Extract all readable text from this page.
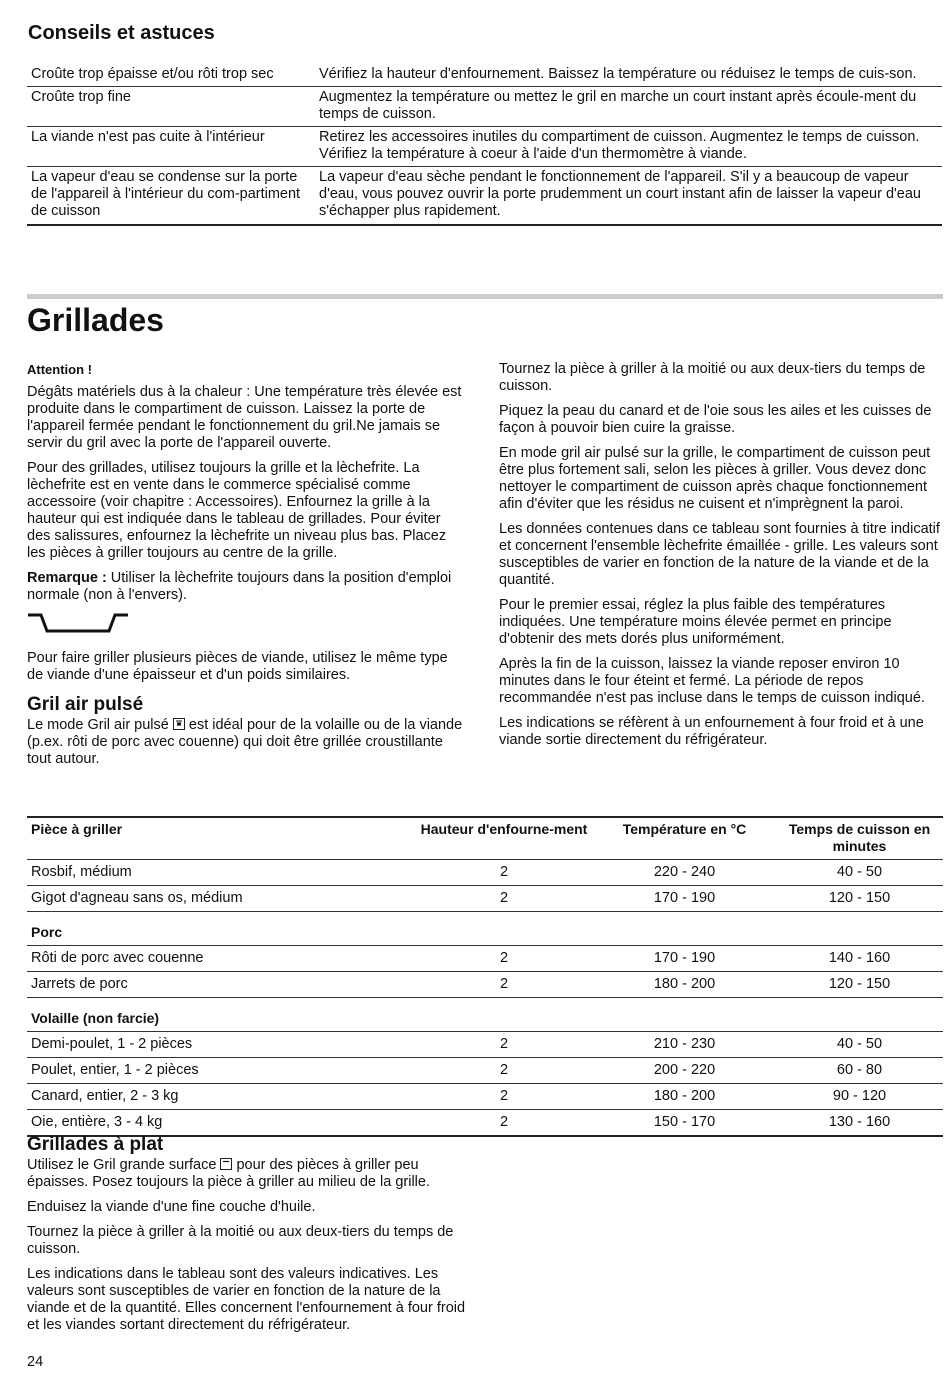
Conseils et astuces
Croûte trop épaisse et/ou rôti trop sec	Vérifiez la hauteur d'enfournement. Baissez la température ou réduisez le temps de cuis-son.
Croûte trop fine	Augmentez la température ou mettez le gril en marche un court instant après écoule-ment du temps de cuisson.
La viande n'est pas cuite à l'intérieur	Retirez les accessoires inutiles du compartiment de cuisson. Augmentez le temps de cuisson. Vérifiez la température à coeur à l'aide d'un thermomètre à viande.
La vapeur d'eau se condense sur la porte de l'appareil à l'intérieur du com-partiment de cuisson	La vapeur d'eau sèche pendant le fonctionnement de l'appareil. S'il y a beaucoup de vapeur d'eau, vous pouvez ouvrir la porte prudemment un court instant afin de laisser la vapeur d'eau s'échapper plus rapidement.
Grillades
Attention !

Dégâts matériels dus à la chaleur : Une température très élevée est produite dans le compartiment de cuisson. Laissez la porte de l'appareil fermée pendant le fonctionnement du gril.Ne jamais se servir du gril avec la porte de l'appareil ouverte.

Pour des grillades, utilisez toujours la grille et la lèchefrite. La lèchefrite est en vente dans le commerce spécialisé comme accessoire (voir chapitre : Accessoires). Enfournez la grille à la hauteur qui est indiquée dans le tableau de grillades. Pour éviter des salissures, enfournez la lèchefrite un niveau plus bas. Placez les pièces à griller toujours au centre de la grille.

Remarque : Utiliser la lèchefrite toujours dans la position d'emploi normale (non à l'envers).

Pour faire griller plusieurs pièces de viande, utilisez le même type de viande d'une épaisseur et d'un poids similaires.

Gril air pulsé

Le mode Gril air pulsé
est idéal pour de la volaille ou de la viande (p.ex. rôti de porc avec couenne) qui doit être grillée croustillante tout autour.

Tournez la pièce à griller à la moitié ou aux deux-tiers du temps de cuisson.

Piquez la peau du canard et de l'oie sous les ailes et les cuisses de façon à pouvoir bien cuire la graisse.

En mode gril air pulsé sur la grille, le compartiment de cuisson peut être plus fortement sali, selon les pièces à griller. Vous devez donc nettoyer le compartiment de cuisson après chaque fonctionnement afin d'éviter que les résidus ne cuisent et n'imprègnent la paroi.

Les données contenues dans ce tableau sont fournies à titre indicatif et concernent l'ensemble lèchefrite émaillée - grille. Les valeurs sont susceptibles de varier en fonction de la nature de la viande et de la quantité.

Pour le premier essai, réglez la plus faible des températures indiquées. Une température moins élevée permet en principe d'obtenir des mets dorés plus uniformément.

Après la fin de la cuisson, laissez la viande reposer environ 10 minutes dans le four éteint et fermé. La période de repos recommandée n'est pas incluse dans le temps de cuisson indiqué.

Les indications se réfèrent à un enfournement à four froid et à une viande sortie directement du réfrigérateur.

Pièce à griller	Hauteur d'enfourne-ment	Température en °C	Temps de cuisson en minutes
Rosbif, médium	2	220 - 240	40 - 50
Gigot d'agneau sans os, médium	2	170 - 190	120 - 150
Porc			
Rôti de porc avec couenne	2	170 - 190	140 - 160
Jarrets de porc	2	180 - 200	120 - 150
Volaille (non farcie)			
Demi-poulet, 1 - 2 pièces	2	210 - 230	40 - 50
Poulet, entier, 1 - 2 pièces	2	200 - 220	60 - 80
Canard, entier, 2 - 3 kg	2	180 - 200	90 - 120
Oie, entière, 3 - 4 kg	2	150 - 170	130 - 160
Grillades à plat

Utilisez le Gril grande surface
pour des pièces à griller peu épaisses. Posez toujours la pièce à griller au milieu de la grille.

Enduisez la viande d'une fine couche d'huile.

Tournez la pièce à griller à la moitié ou aux deux-tiers du temps de cuisson.

Les indications dans le tableau sont des valeurs indicatives. Les valeurs sont susceptibles de varier en fonction de la nature de la viande et de la quantité. Elles concernent l'enfournement à four froid et les viandes sortant directement du réfrigérateur.

24
